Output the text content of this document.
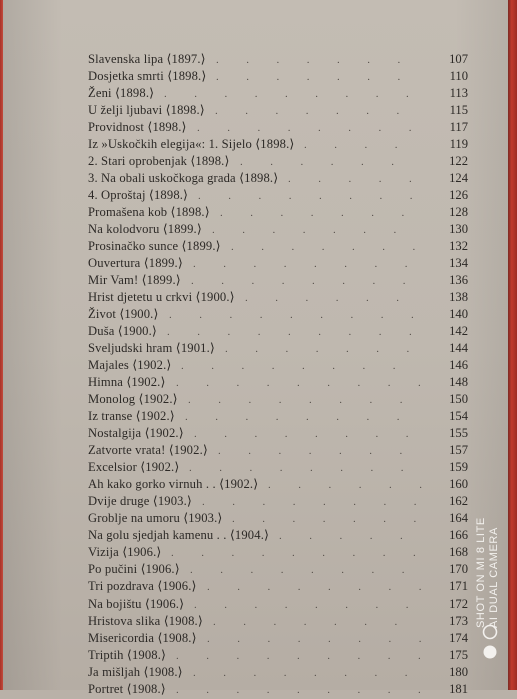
.
Slavenska lipa ⟨1897.⟩	107
.
Dosjetka smrti ⟨1898.⟩	110
.
Ženi ⟨1898.⟩	113
.
U želji ljubavi ⟨1898.⟩	115
.
Providnost ⟨1898.⟩	117
.
Iz »Uskočkih elegija«: 1. Sijelo ⟨1898.⟩	119
.
2. Stari oprobenjak ⟨1898.⟩	122
.
3. Na obali uskočkoga grada ⟨1898.⟩	124
.
4. Oproštaj ⟨1898.⟩	126
.
Promašena kob ⟨1898.⟩	128
.
Na kolodvoru ⟨1899.⟩	130
.
Prosinačko sunce ⟨1899.⟩	132
.
Ouvertura ⟨1899.⟩	134
.
Mir Vam! ⟨1899.⟩	136
.
Hrist djetetu u crkvi ⟨1900.⟩	138
.
Život ⟨1900.⟩	140
.
Duša ⟨1900.⟩	142
.
Sveljudski hram ⟨1901.⟩	144
.
Majales ⟨1902.⟩	146
.
Himna ⟨1902.⟩	148
.
Monolog ⟨1902.⟩	150
.
Iz transe ⟨1902.⟩	154
.
Nostalgija ⟨1902.⟩	155
.
Zatvorte vrata! ⟨1902.⟩	157
.
Excelsior ⟨1902.⟩	159
.
Ah kako gorko virnuh . . ⟨1902.⟩	160
.
Dvije druge ⟨1903.⟩	162
.
Groblje na umoru ⟨1903.⟩	164
.
Na golu sjedjah kamenu . . ⟨1904.⟩	166
.
Vizija ⟨1906.⟩	168
.
Po pučini ⟨1906.⟩	170
.
Tri pozdrava ⟨1906.⟩	171
.
Na bojištu ⟨1906.⟩	172
.
Hristova slika ⟨1908.⟩	173
.
Misericordia ⟨1908.⟩	174
.
Triptih ⟨1908.⟩	175
.
Ja mišljah ⟨1908.⟩	180
.
Portret ⟨1908.⟩	181
SHOT ON MI 8 LITE
AI DUAL CAMERA
